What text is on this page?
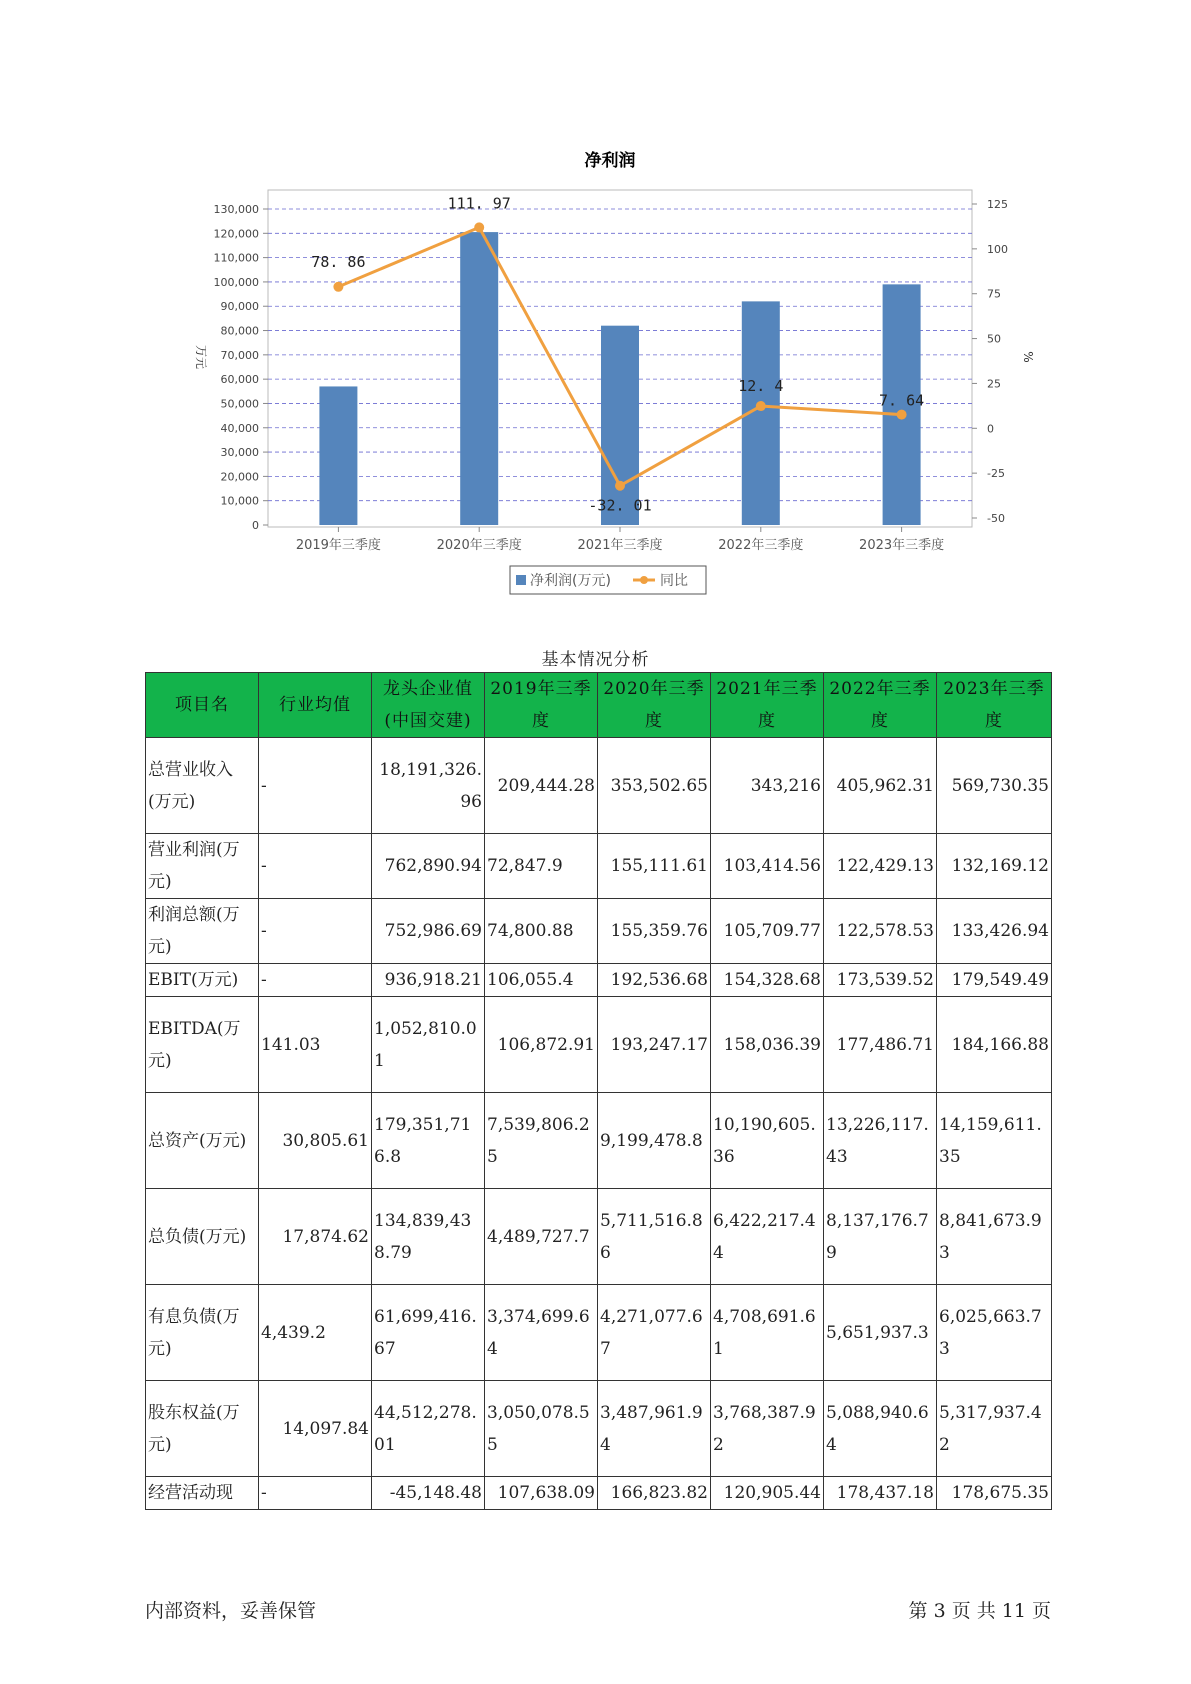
净利润
0
10,000
20,000
30,000
40,000
50,000
60,000
70,000
80,000
90,000
100,000
110,000
120,000
130,000
-50
-25
0
25
50
75
100
125
万元	%
2019年三季度	2020年三季度	2021年三季度	2022年三季度	2023年三季度
78. 86
111. 97
-32. 01
12. 4
7. 64
净利润(万元)	同比
基本情况分析
项目名	行业均值	龙头企业值(中国交建)	2019年三季度	2020年三季度	2021年三季度	2022年三季度	2023年三季度
总营业收入(万元)	-	18,191,326.96	209,444.28	353,502.65	343,216	405,962.31	569,730.35
营业利润(万元)	-	762,890.94	72,847.9	155,111.61	103,414.56	122,429.13	132,169.12
利润总额(万元)	-	752,986.69	74,800.88	155,359.76	105,709.77	122,578.53	133,426.94
EBIT(万元)	-	936,918.21	106,055.4	192,536.68	154,328.68	173,539.52	179,549.49
EBITDA(万元)	141.03	1,052,810.01	106,872.91	193,247.17	158,036.39	177,486.71	184,166.88
总资产(万元)	30,805.61	179,351,716.8	7,539,806.25	9,199,478.8	10,190,605.36	13,226,117.43	14,159,611.35
总负债(万元)	17,874.62	134,839,438.79	4,489,727.7	5,711,516.86	6,422,217.44	8,137,176.79	8,841,673.93
有息负债(万元)	4,439.2	61,699,416.67	3,374,699.64	4,271,077.67	4,708,691.61	5,651,937.3	6,025,663.73
股东权益(万元)	14,097.84	44,512,278.01	3,050,078.55	3,487,961.94	3,768,387.92	5,088,940.64	5,317,937.42
经营活动现	-	-45,148.48	107,638.09	166,823.82	120,905.44	178,437.18	178,675.35
内部资料，妥善保管	第 3 页 共 11 页
